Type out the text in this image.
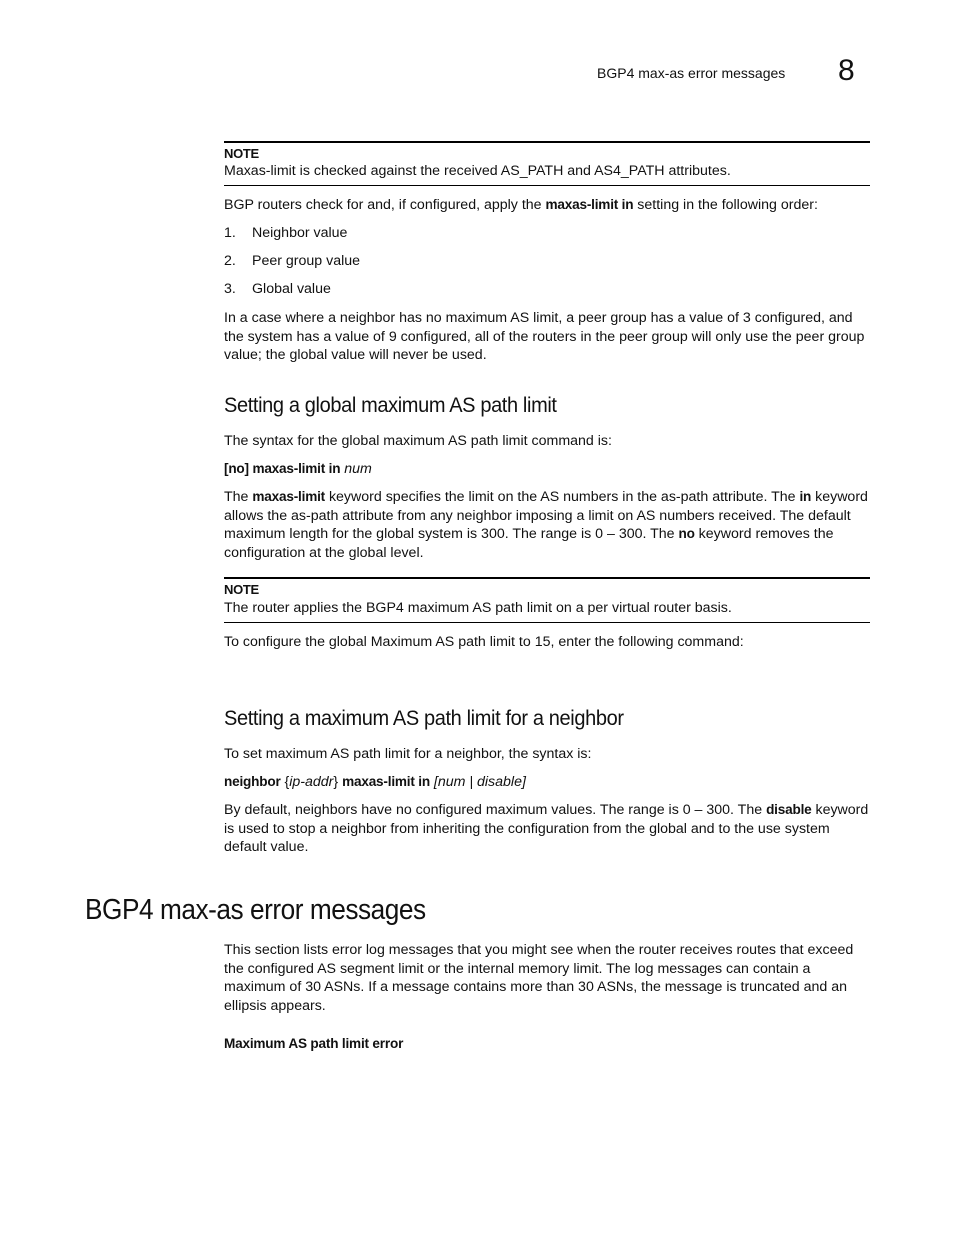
BGP4 max-as error messages 8
NOTE
Maxas-limit is checked against the received AS_PATH and AS4_PATH attributes.

BGP routers check for and, if configured, apply the maxas-limit in setting in the following order:

1. Neighbor value
2. Peer group value
3. Global value

In a case where a neighbor has no maximum AS limit, a peer group has a value of 3 configured, and the system has a value of 9 configured, all of the routers in the peer group will only use the peer group value; the global value will never be used.

Setting a global maximum AS path limit
The syntax for the global maximum AS path limit command is:
[no] maxas-limit in num

The maxas-limit keyword specifies the limit on the AS numbers in the as-path attribute. The in keyword allows the as-path attribute from any neighbor imposing a limit on AS numbers received. The default maximum length for the global system is 300. The range is 0 – 300. The no keyword removes the configuration at the global level.

NOTE
The router applies the BGP4 maximum AS path limit on a per virtual router basis.
To configure the global Maximum AS path limit to 15, enter the following command:
Setting a maximum AS path limit for a neighbor
To set maximum AS path limit for a neighbor, the syntax is:
neighbor {ip-addr} maxas-limit in [num | disable]

By default, neighbors have no configured maximum values. The range is 0 – 300. The disable keyword is used to stop a neighbor from inheriting the configuration from the global and to the use system default value.

BGP4 max-as error messages

This section lists error log messages that you might see when the router receives routes that exceed the configured AS segment limit or the internal memory limit. The log messages can contain a maximum of 30 ASNs. If a message contains more than 30 ASNs, the message is truncated and an ellipsis appears.

Maximum AS path limit error
